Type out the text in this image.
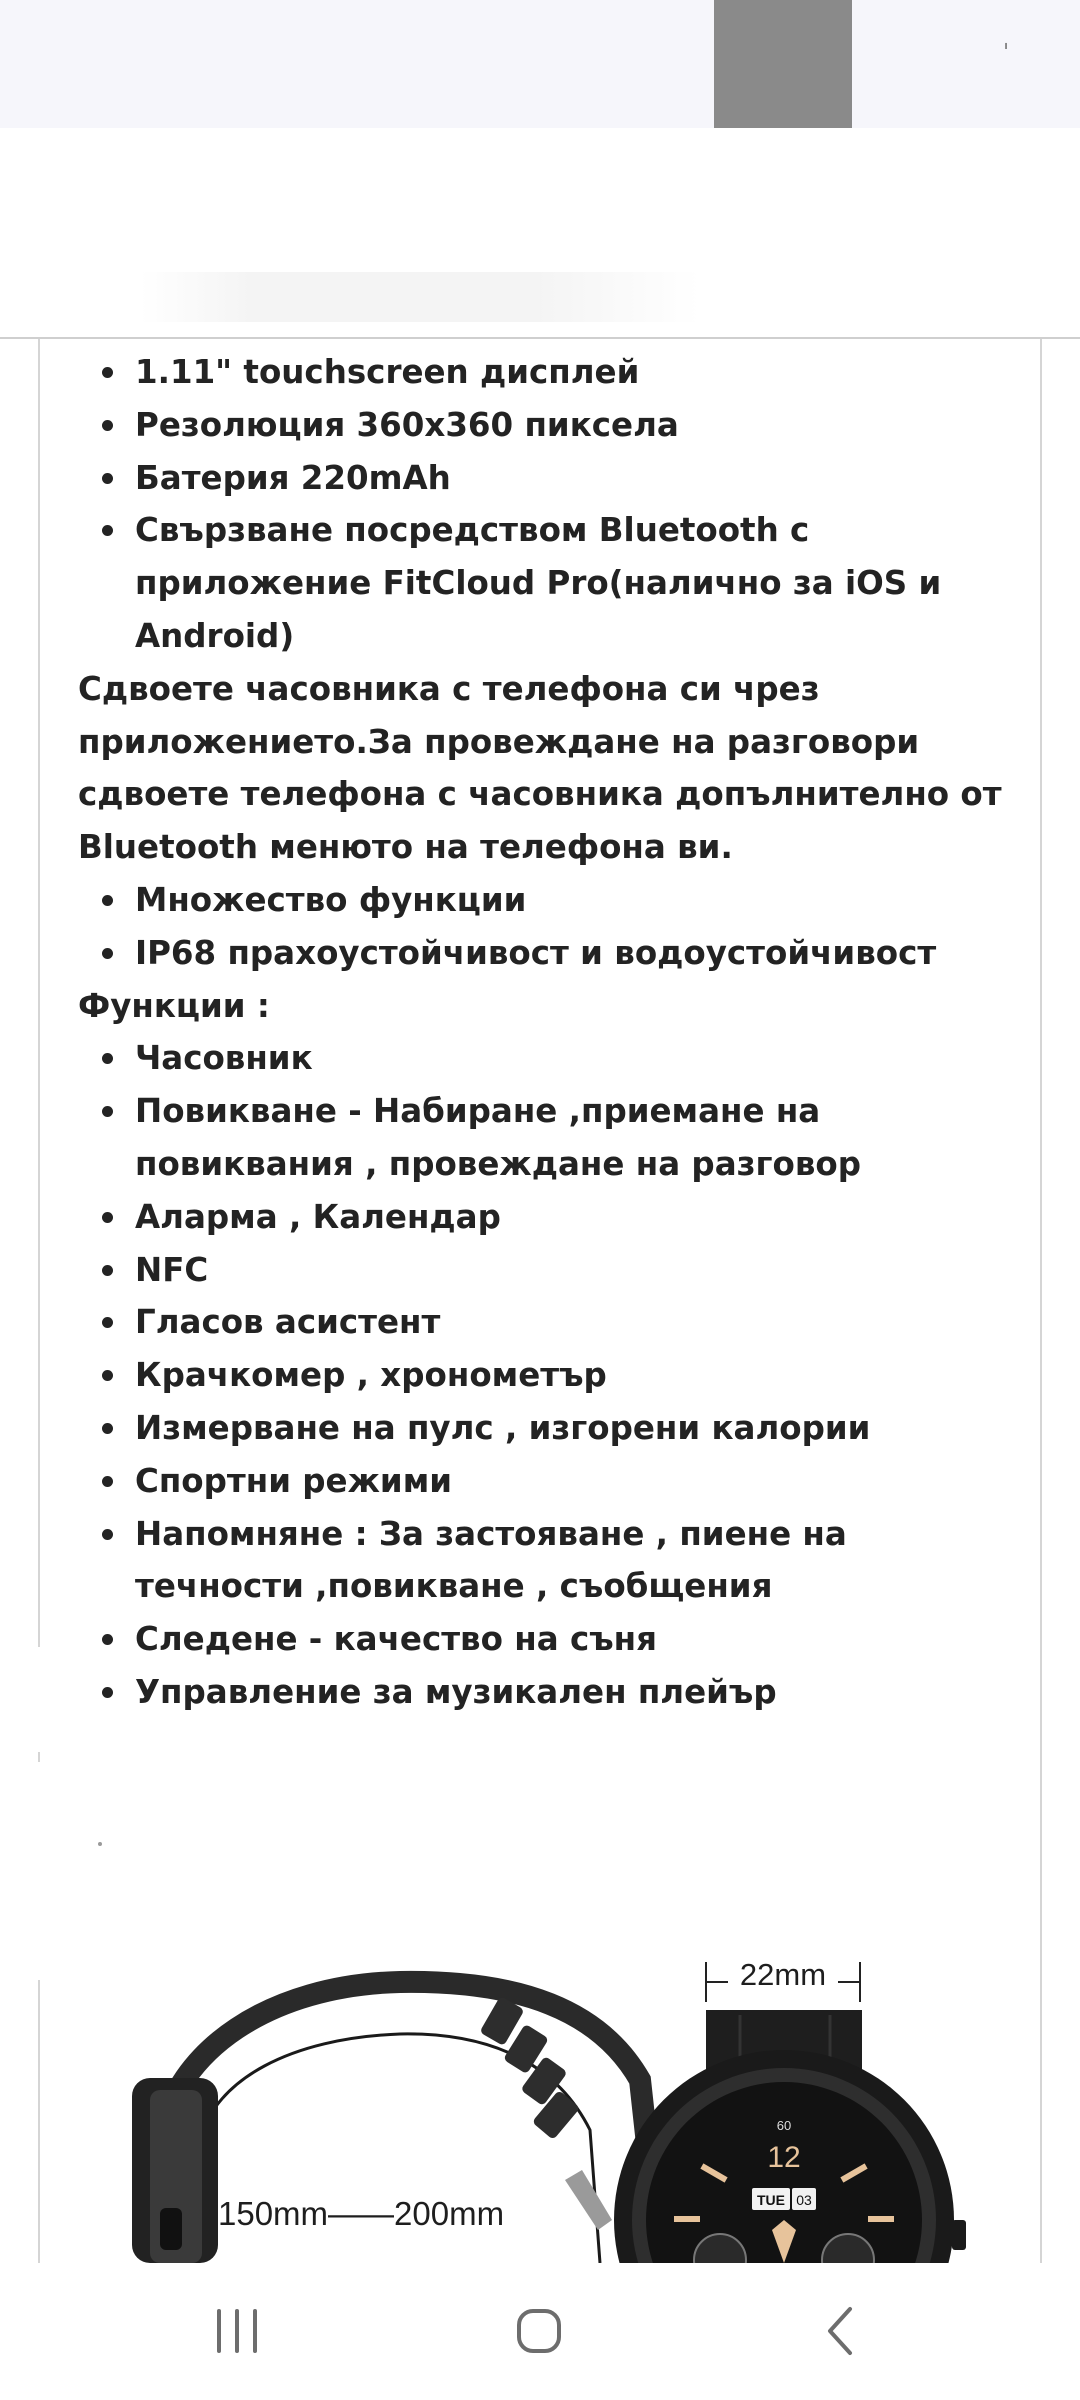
ˈ
1.11" touchscreen дисплей
Резолюция 360х360 пиксела
Батерия 220mAh
Свързване посредством Bluetooth с приложение FitCloud Pro(налично за iOS и Android)

Сдвоете часовника с телефона си чрез приложението.За провеждане на разговори сдвоете телефона с часовника допълнително от Bluetooth менюто на телефона ви.

Множество функции
IP68 прахоустойчивост и водоустойчивост

Функции :

Часовник
Повикване - Набиране ,приемане на повиквания , провеждане на разговор
Аларма , Календар
NFC
Гласов асистент
Крачкомер , хронометър
Измерване на пулс , изгорени калории
Спортни режими
Напомняне : За застояване , пиене на течности ,повикване , съобщения
Следене - качество на съня
Управление за музикален плейър
150mm——200mm
22mm
60
12
TUE 03
